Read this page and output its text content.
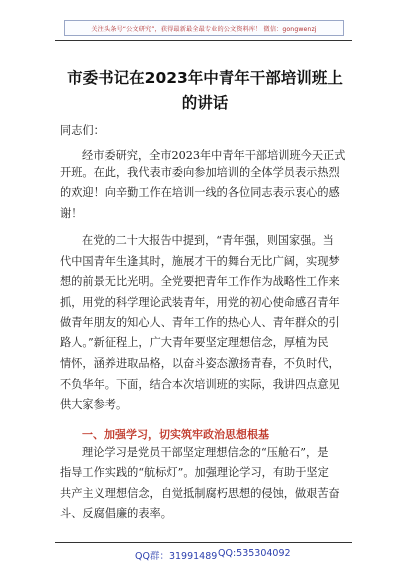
关注头条号“公文研究”，获得最新最全最专业的公文资料库！ 微信：gongwenzj
市委书记在2023年中青年干部培训班上
的讲话
同志们：
经市委研究，全市2023年中青年干部培训班今天正式
开班。在此，我代表市委向参加培训的全体学员表示热烈
的欢迎！向辛勤工作在培训一线的各位同志表示衷心的感
谢！
在党的二十大报告中提到，“青年强，则国家强。当
代中国青年生逢其时，施展才干的舞台无比广阔，实现梦
想的前景无比光明。全党要把青年工作作为战略性工作来
抓，用党的科学理论武装青年，用党的初心使命感召青年
做青年朋友的知心人、青年工作的热心人、青年群众的引
路人。”新征程上，广大青年要坚定理想信念，厚植为民
情怀，涵养进取品格，以奋斗姿态激扬青春，不负时代，
不负华年。下面，结合本次培训班的实际，我讲四点意见
供大家参考。
一、加强学习，切实筑牢政治思想根基
理论学习是党员干部坚定理想信念的“压舱石”，是
指导工作实践的“航标灯”。加强理论学习，有助于坚定
共产主义理想信念，自觉抵制腐朽思想的侵蚀，做艰苦奋
斗、反腐倡廉的表率。
QQ群：31991489 QQ:535304092
